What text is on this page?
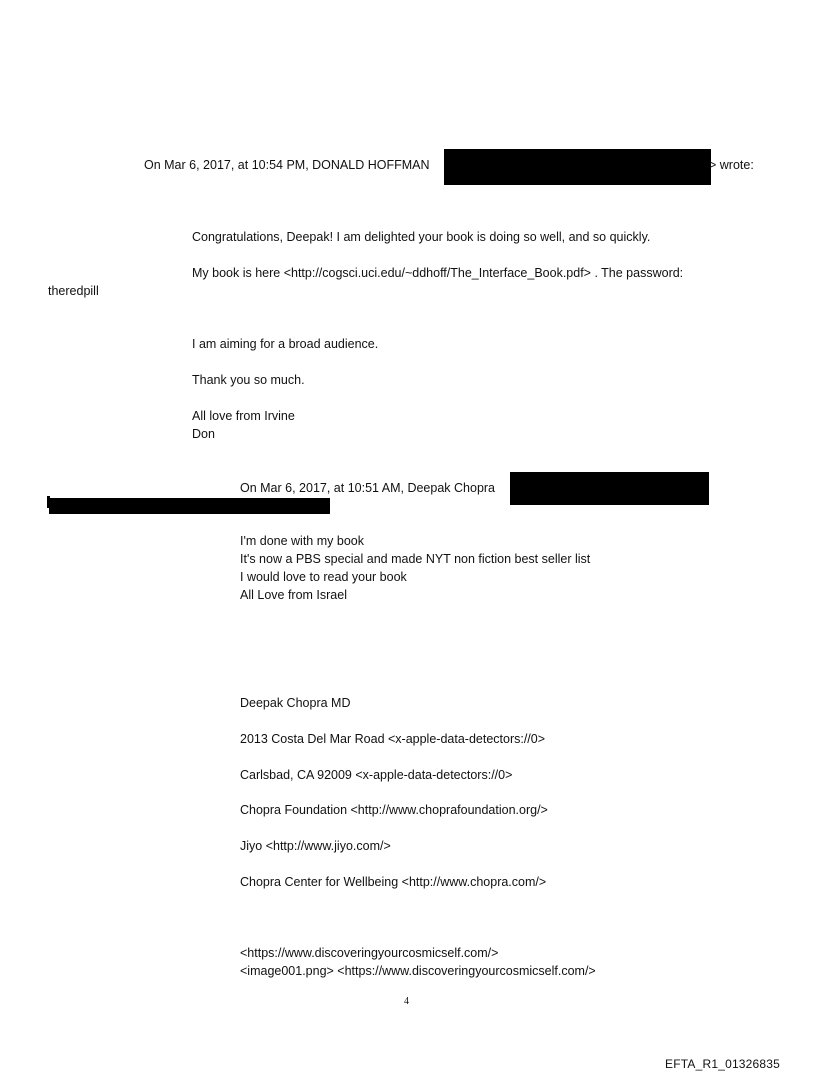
On Mar 6, 2017, at 10:54 PM, DONALD HOFFMAN	> wrote:

Congratulations, Deepak! I am delighted your book is doing so well, and so quickly.

My book is here <http://cogsci.uci.edu/~ddhoff/The_Interface_Book.pdf> . The password:

theredpill

I am aiming for a broad audience.

Thank you so much.

All love from Irvine

Don

On Mar 6, 2017, at 10:51 AM, Deepak Chopra

I'm done with my book

It's now a PBS special and made NYT non fiction best seller list

I would love to read your book

All Love from Israel

Deepak Chopra MD

2013 Costa Del Mar Road <x-apple-data-detectors://0>

Carlsbad, CA 92009 <x-apple-data-detectors://0>

Chopra Foundation <http://www.choprafoundation.org/>

Jiyo <http://www.jiyo.com/>

Chopra Center for Wellbeing <http://www.chopra.com/>

<https://www.discoveringyourcosmicself.com/>

<image001.png> <https://www.discoveringyourcosmicself.com/>

4

EFTA_R1_01326835
